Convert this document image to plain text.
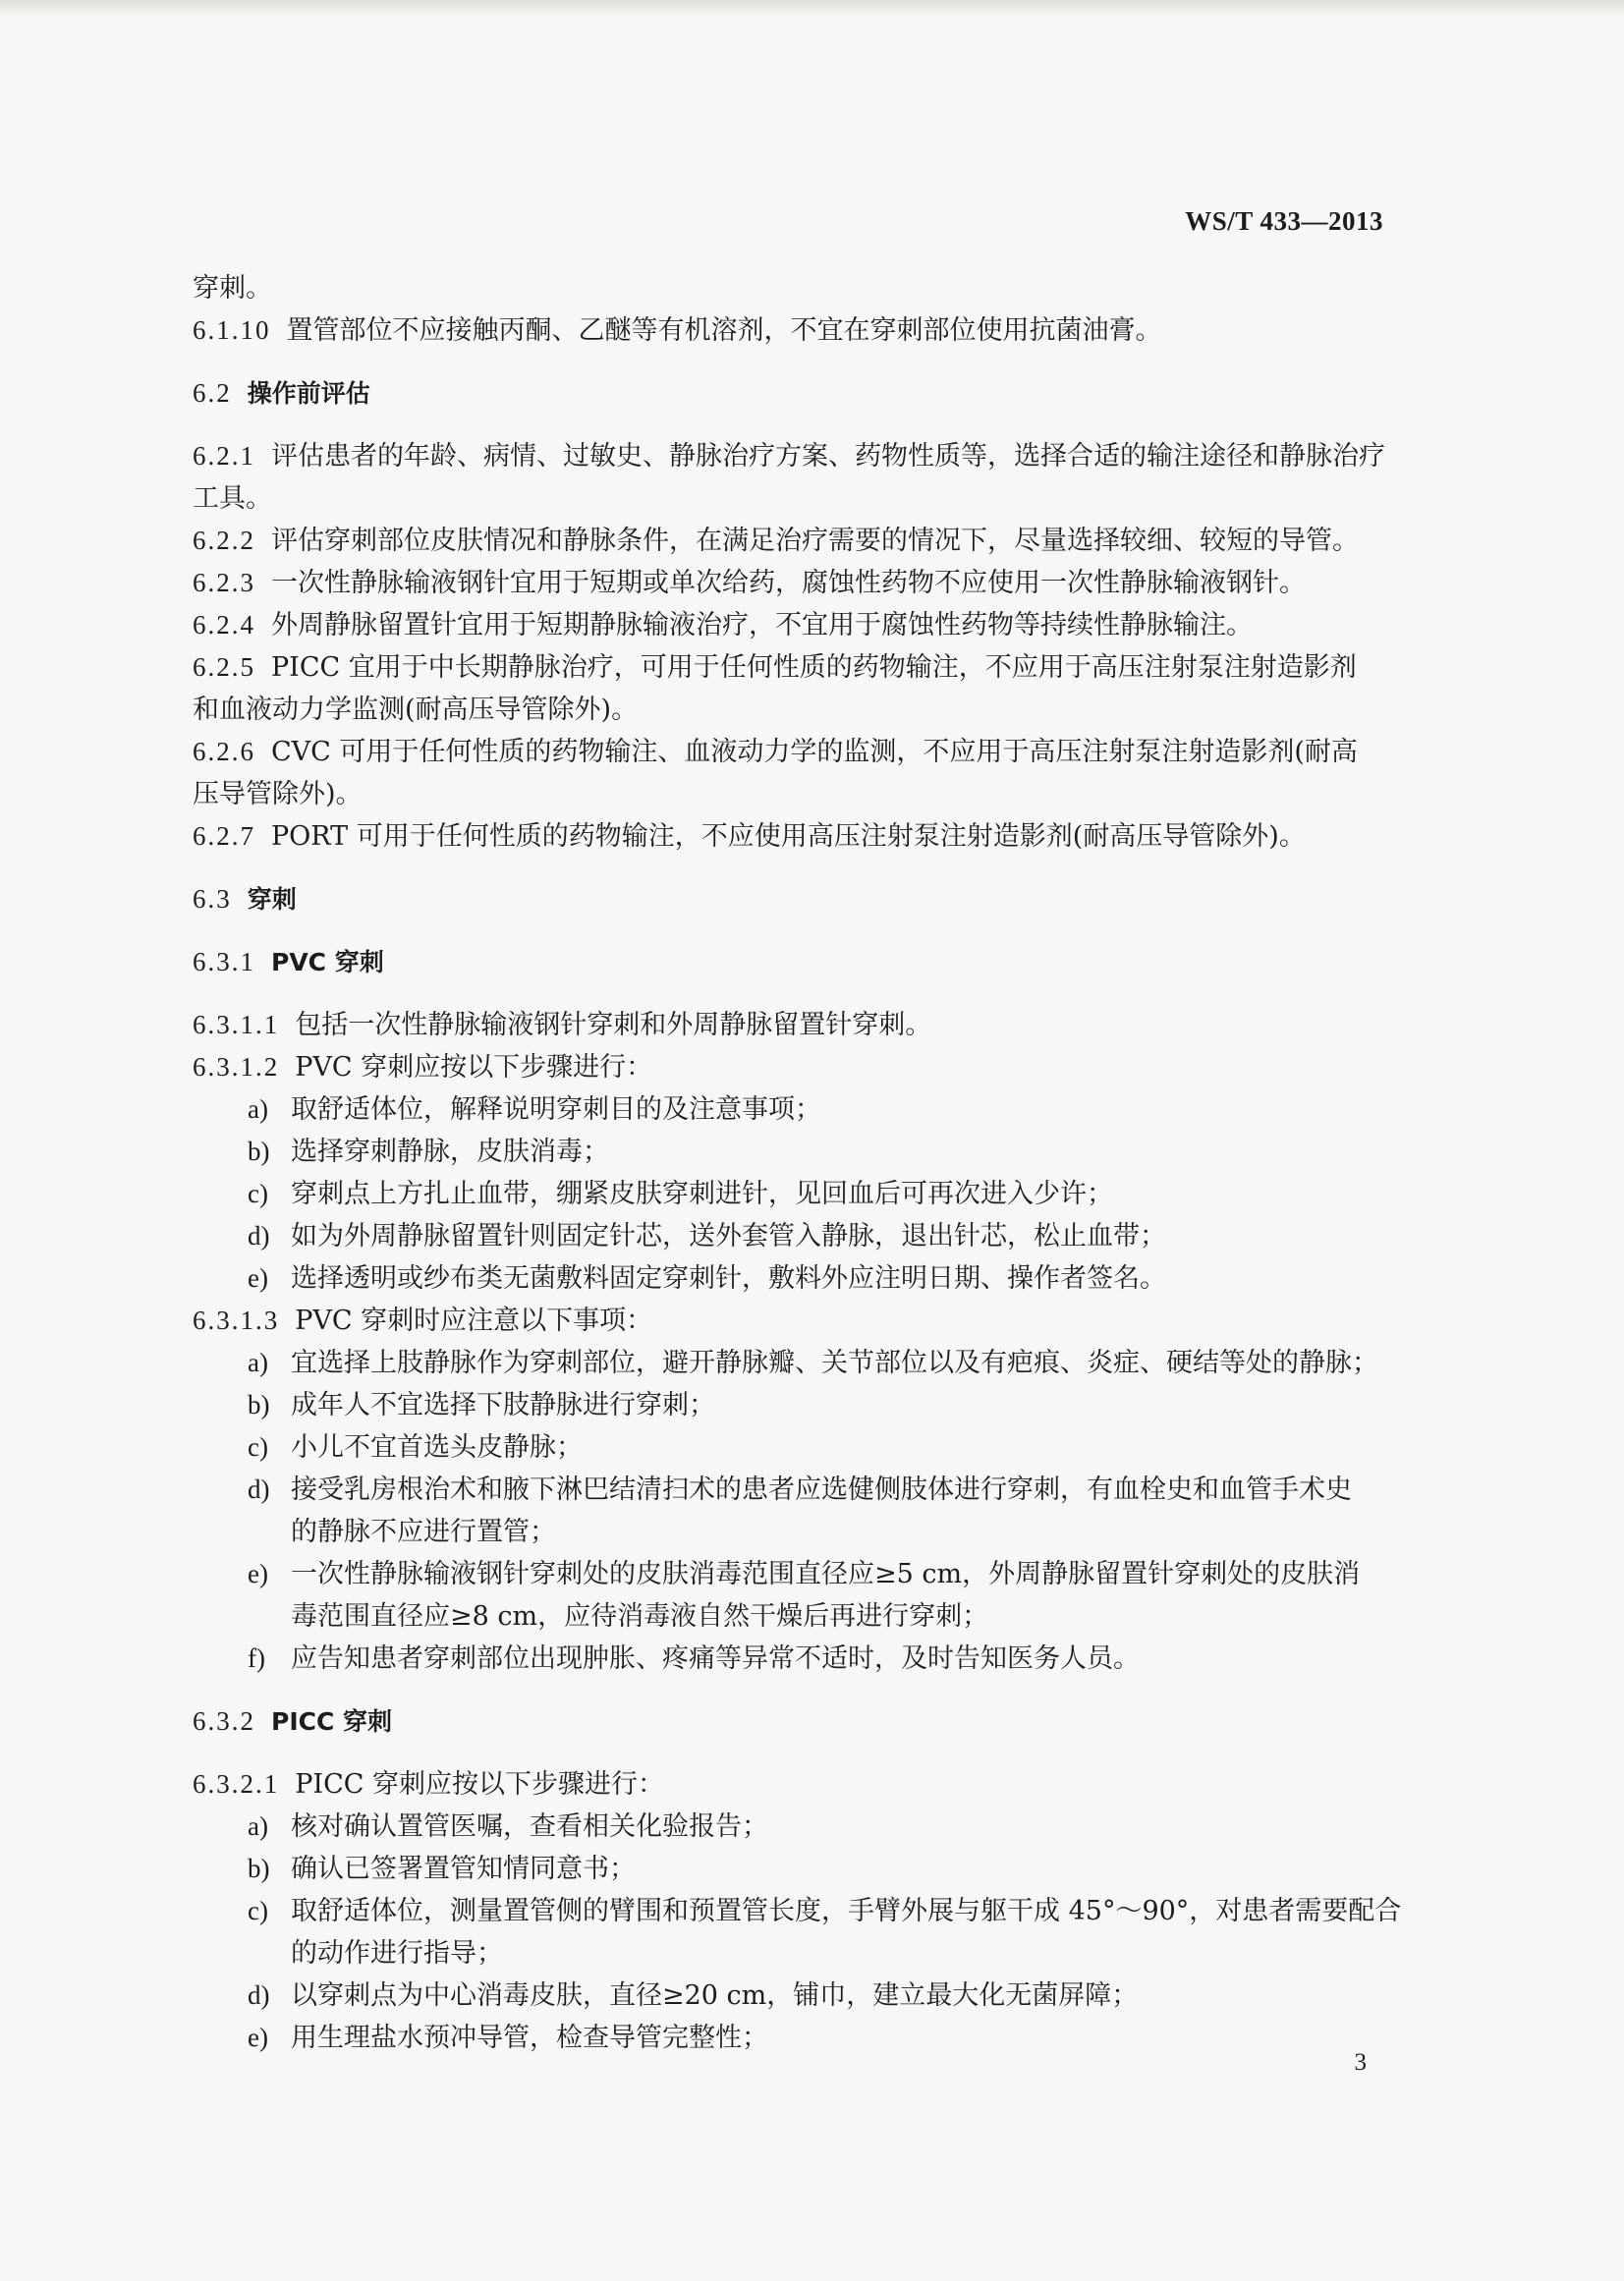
WS/T 433—2013
穿刺。
6.1.10 置管部位不应接触丙酮、乙醚等有机溶剂，不宜在穿刺部位使用抗菌油膏。
6.2 操作前评估
6.2.1 评估患者的年龄、病情、过敏史、静脉治疗方案、药物性质等，选择合适的输注途径和静脉治疗
工具。
6.2.2 评估穿刺部位皮肤情况和静脉条件，在满足治疗需要的情况下，尽量选择较细、较短的导管。
6.2.3 一次性静脉输液钢针宜用于短期或单次给药，腐蚀性药物不应使用一次性静脉输液钢针。
6.2.4 外周静脉留置针宜用于短期静脉输液治疗，不宜用于腐蚀性药物等持续性静脉输注。
6.2.5 PICC 宜用于中长期静脉治疗，可用于任何性质的药物输注，不应用于高压注射泵注射造影剂
和血液动力学监测(耐高压导管除外)。
6.2.6 CVC 可用于任何性质的药物输注、血液动力学的监测，不应用于高压注射泵注射造影剂(耐高
压导管除外)。
6.2.7 PORT 可用于任何性质的药物输注，不应使用高压注射泵注射造影剂(耐高压导管除外)。
6.3 穿刺
6.3.1 PVC 穿刺
6.3.1.1 包括一次性静脉输液钢针穿刺和外周静脉留置针穿刺。
6.3.1.2 PVC 穿刺应按以下步骤进行：
a) 取舒适体位，解释说明穿刺目的及注意事项；
b) 选择穿刺静脉，皮肤消毒；
c) 穿刺点上方扎止血带，绷紧皮肤穿刺进针，见回血后可再次进入少许；
d) 如为外周静脉留置针则固定针芯，送外套管入静脉，退出针芯，松止血带；
e) 选择透明或纱布类无菌敷料固定穿刺针，敷料外应注明日期、操作者签名。
6.3.1.3 PVC 穿刺时应注意以下事项：
a) 宜选择上肢静脉作为穿刺部位，避开静脉瓣、关节部位以及有疤痕、炎症、硬结等处的静脉；
b) 成年人不宜选择下肢静脉进行穿刺；
c) 小儿不宜首选头皮静脉；
d) 接受乳房根治术和腋下淋巴结清扫术的患者应选健侧肢体进行穿刺，有血栓史和血管手术史
的静脉不应进行置管；
e) 一次性静脉输液钢针穿刺处的皮肤消毒范围直径应≥5 cm，外周静脉留置针穿刺处的皮肤消
毒范围直径应≥8 cm，应待消毒液自然干燥后再进行穿刺；
f) 应告知患者穿刺部位出现肿胀、疼痛等异常不适时，及时告知医务人员。
6.3.2 PICC 穿刺
6.3.2.1 PICC 穿刺应按以下步骤进行：
a) 核对确认置管医嘱，查看相关化验报告；
b) 确认已签署置管知情同意书；
c) 取舒适体位，测量置管侧的臂围和预置管长度，手臂外展与躯干成 45°～90°，对患者需要配合
的动作进行指导；
d) 以穿刺点为中心消毒皮肤，直径≥20 cm，铺巾，建立最大化无菌屏障；
e) 用生理盐水预冲导管，检查导管完整性；
3
